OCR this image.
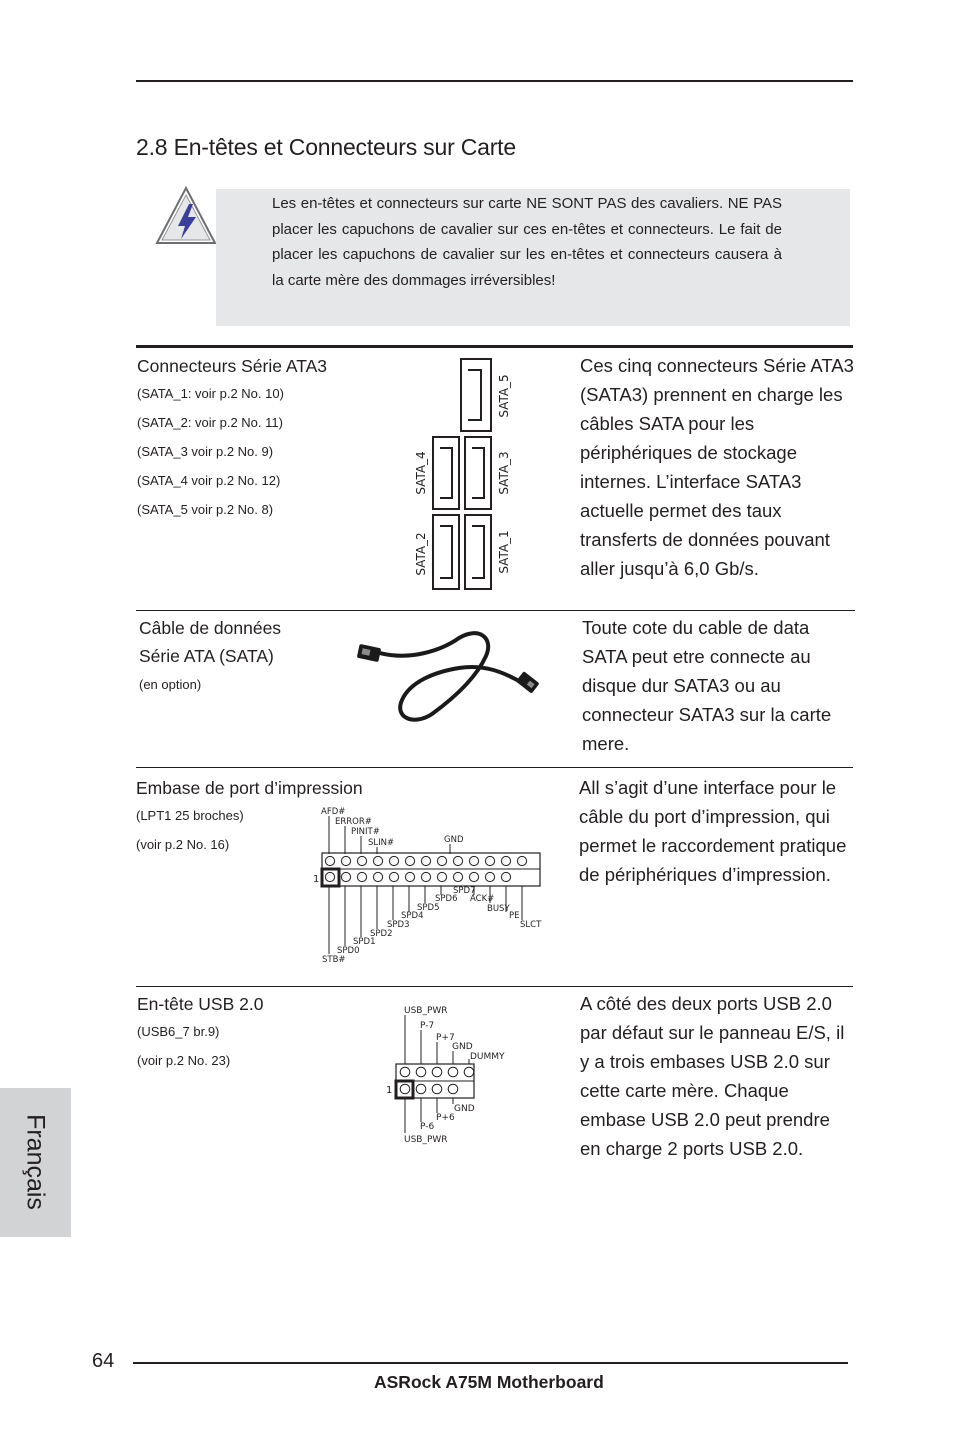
2.8 En-têtes et Connecteurs sur Carte
Les en-têtes et connecteurs sur carte NE SONT PAS des cavaliers. NE PAS placer les capuchons de cavalier sur ces en-têtes et connecteurs. Le fait de placer les capuchons de cavalier sur les en-têtes et connecteurs causera à la carte mère des dommages irréversibles!
Connecteurs Série ATA3
(SATA_1: voir p.2 No. 10)
(SATA_2: voir p.2 No. 11)
(SATA_3 voir p.2 No. 9)
(SATA_4 voir p.2 No. 12)
(SATA_5 voir p.2 No. 8)
SATA_5
SATA_4	SATA_3
SATA_2	SATA_1
Ces cinq connecteurs Série ATA3 (SATA3) prennent en charge les câbles SATA pour les périphériques de stockage internes. L’interface SATA3 actuelle permet des taux transferts de données pouvant aller jusqu’à 6,0 Gb/s.
Câble de données
Série ATA (SATA)
(en option)
Toute cote du cable de data SATA peut etre connecte au disque dur SATA3 ou au connecteur SATA3 sur la carte mere.
Embase de port d’impression
(LPT1 25 broches)
(voir p.2 No. 16)
AFD#
ERROR#
PINIT#
SLIN#	GND
SPD7
SPD6 ACK#
SPD5	BUSY
SPD4	PE
SPD3	SLCT
SPD2
SPD1
SPD0
STB#
1
All s’agit d’une interface pour le câble du port d’impression, qui permet le raccordement pratique de périphériques d’impression.
En-tête USB 2.0
(USB6_7 br.9)
(voir p.2 No. 23)
USB_PWR
P-7
P+7
GND
DUMMY
GND
P+6
P-6
USB_PWR
1
A côté des deux ports USB 2.0 par défaut sur le panneau E/S, il y a trois embases USB 2.0 sur cette carte mère. Chaque embase USB 2.0 peut prendre en charge 2 ports USB 2.0.
Français
64
ASRock A75M Motherboard
